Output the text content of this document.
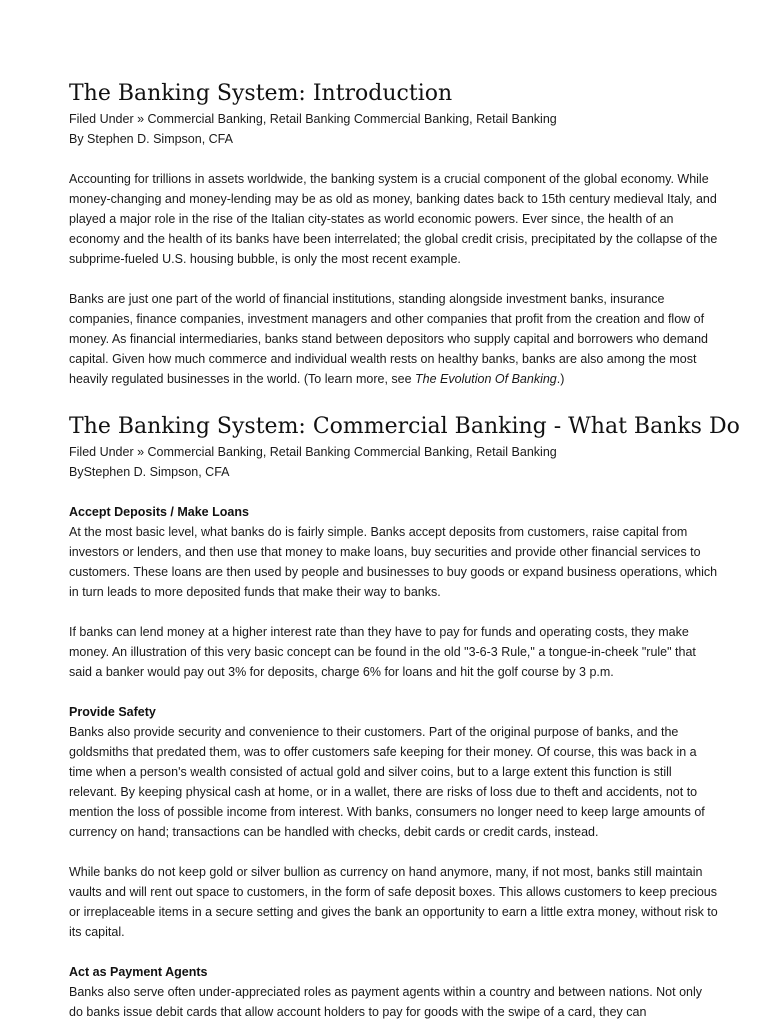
The Banking System: Introduction

Filed Under » Commercial Banking, Retail Banking Commercial Banking, Retail Banking

By Stephen D. Simpson, CFA

Accounting for trillions in assets worldwide, the banking system is a crucial component of the global economy. While money-changing and money-lending may be as old as money, banking dates back to 15th century medieval Italy, and played a major role in the rise of the Italian city-states as world economic powers. Ever since, the health of an economy and the health of its banks have been interrelated; the global credit crisis, precipitated by the collapse of the subprime-fueled U.S. housing bubble, is only the most recent example.

Banks are just one part of the world of financial institutions, standing alongside investment banks, insurance companies, finance companies, investment managers and other companies that profit from the creation and flow of money. As financial intermediaries, banks stand between depositors who supply capital and borrowers who demand capital. Given how much commerce and individual wealth rests on healthy banks, banks are also among the most heavily regulated businesses in the world. (To learn more, see The Evolution Of Banking.)

The Banking System: Commercial Banking - What Banks Do

Filed Under » Commercial Banking, Retail Banking Commercial Banking, Retail Banking

ByStephen D. Simpson, CFA

Accept Deposits / Make Loans

At the most basic level, what banks do is fairly simple. Banks accept deposits from customers, raise capital from investors or lenders, and then use that money to make loans, buy securities and provide other financial services to customers. These loans are then used by people and businesses to buy goods or expand business operations, which in turn leads to more deposited funds that make their way to banks.

If banks can lend money at a higher interest rate than they have to pay for funds and operating costs, they make money. An illustration of this very basic concept can be found in the old "3-6-3 Rule," a tongue-in-cheek "rule" that said a banker would pay out 3% for deposits, charge 6% for loans and hit the golf course by 3 p.m.

Provide Safety

Banks also provide security and convenience to their customers. Part of the original purpose of banks, and the goldsmiths that predated them, was to offer customers safe keeping for their money. Of course, this was back in a time when a person's wealth consisted of actual gold and silver coins, but to a large extent this function is still relevant. By keeping physical cash at home, or in a wallet, there are risks of loss due to theft and accidents, not to mention the loss of possible income from interest. With banks, consumers no longer need to keep large amounts of currency on hand; transactions can be handled with checks, debit cards or credit cards, instead.

While banks do not keep gold or silver bullion as currency on hand anymore, many, if not most, banks still maintain vaults and will rent out space to customers, in the form of safe deposit boxes. This allows customers to keep precious or irreplaceable items in a secure setting and gives the bank an opportunity to earn a little extra money, without risk to its capital.

Act as Payment Agents

Banks also serve often under-appreciated roles as payment agents within a country and between nations. Not only do banks issue debit cards that allow account holders to pay for goods with the swipe of a card, they can
